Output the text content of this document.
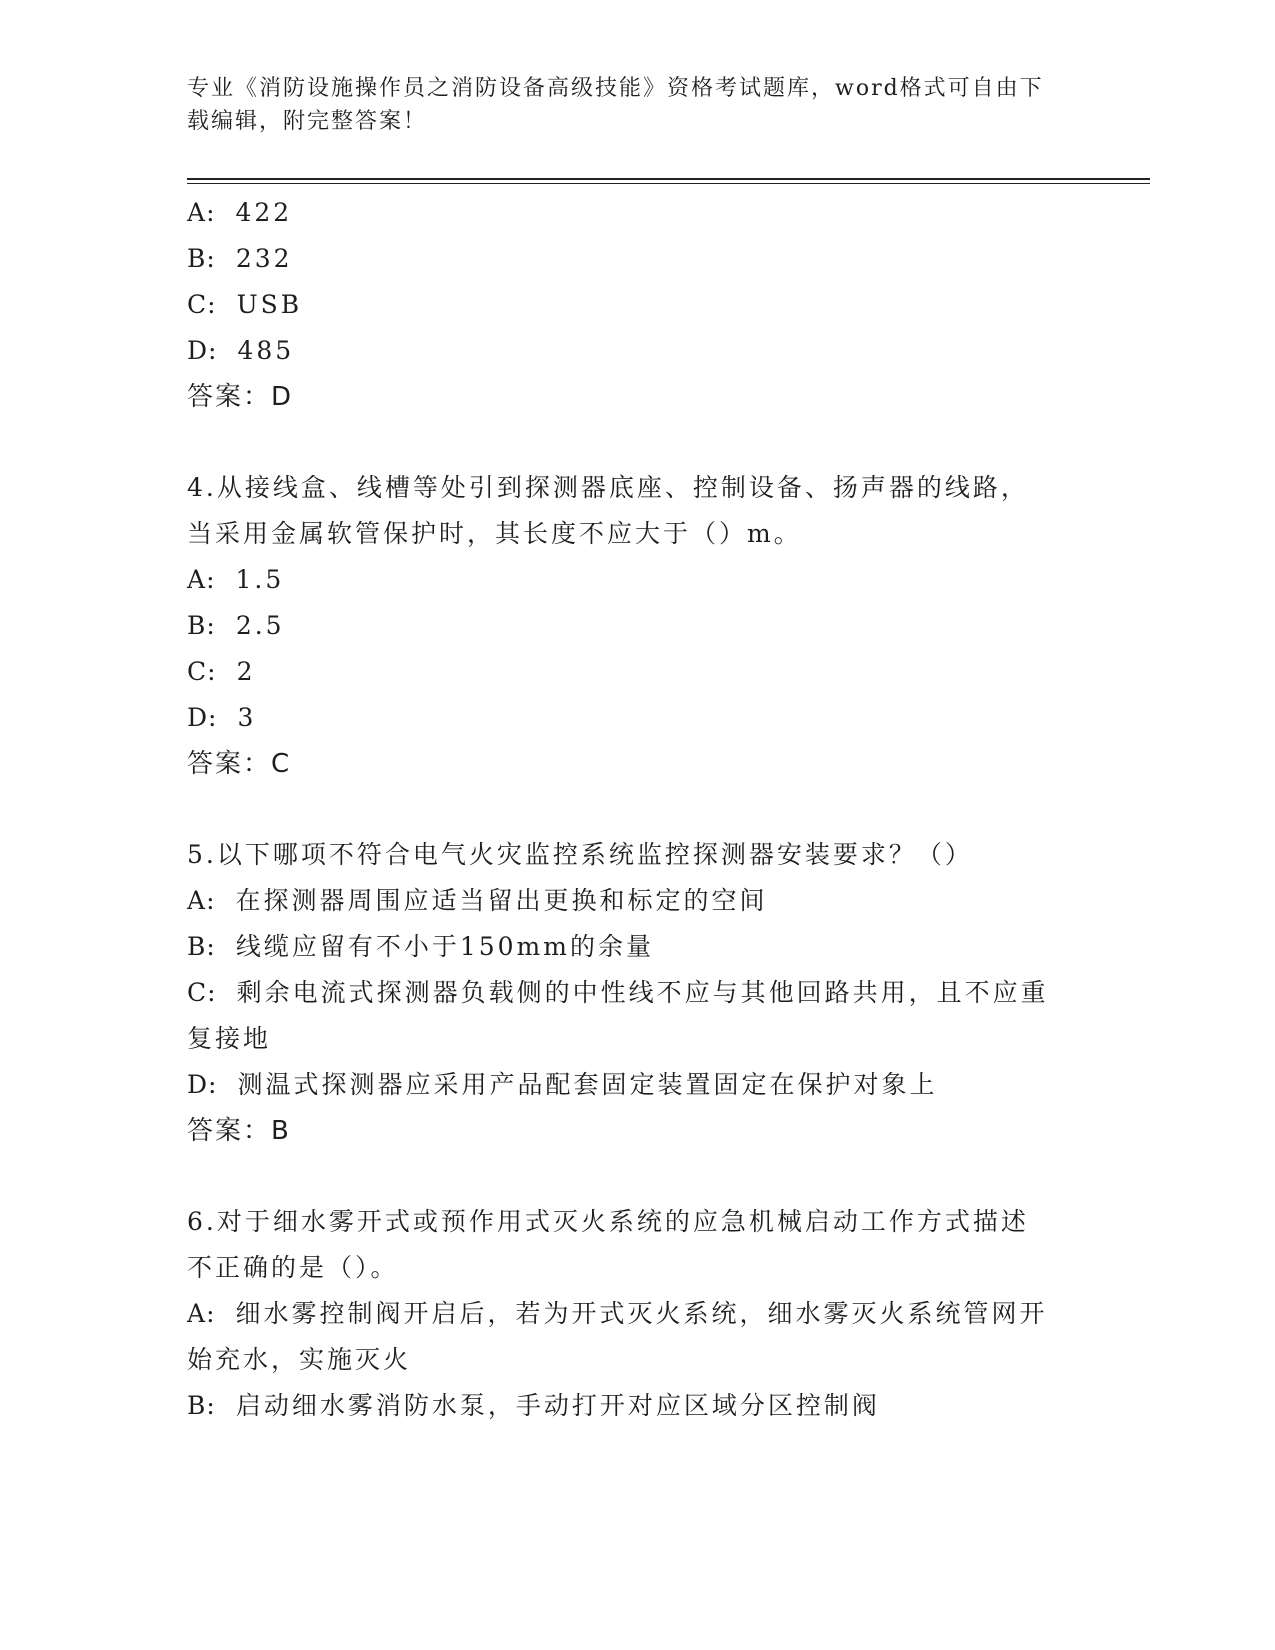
专业《消防设施操作员之消防设备高级技能》资格考试题库，word格式可自由下载编辑，附完整答案！
A: 422
B: 232
C: USB
D: 485
答案：D
4.从接线盒、线槽等处引到探测器底座、控制设备、扬声器的线路，
当采用金属软管保护时，其长度不应大于（）m。
A: 1.5
B: 2.5
C: 2
D: 3
答案：C
5.以下哪项不符合电气火灾监控系统监控探测器安装要求？（）
A: 在探测器周围应适当留出更换和标定的空间
B: 线缆应留有不小于150mm的余量
C: 剩余电流式探测器负载侧的中性线不应与其他回路共用，且不应重
复接地
D: 测温式探测器应采用产品配套固定装置固定在保护对象上
答案：B
6.对于细水雾开式或预作用式灭火系统的应急机械启动工作方式描述
不正确的是（）。
A: 细水雾控制阀开启后，若为开式灭火系统，细水雾灭火系统管网开
始充水，实施灭火
B: 启动细水雾消防水泵，手动打开对应区域分区控制阀
